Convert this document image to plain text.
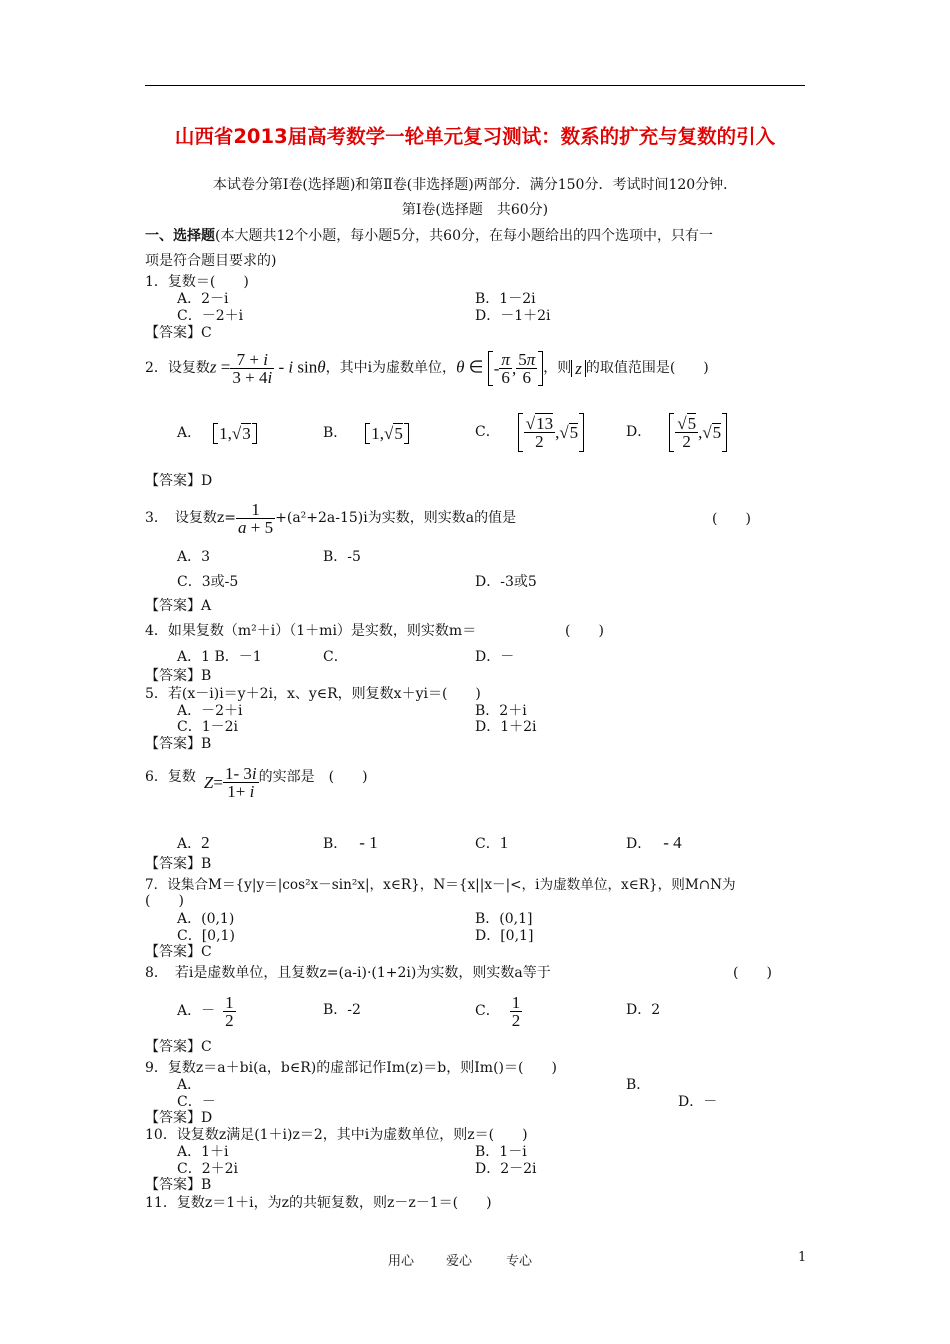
山西省2013届高考数学一轮单元复习测试：数系的扩充与复数的引入
本试卷分第Ⅰ卷(选择题)和第Ⅱ卷(非选择题)两部分．满分150分．考试时间120分钟．
第Ⅰ卷(选择题　共60分)
一、选择题(本大题共12个小题，每小题5分，共60分，在每小题给出的四个选项中，只有一
项是符合题目要求的)
1．复数＝(　　)
A．2－i	B．1－2i
C．－2＋i	D．－1＋2i
【答案】C
2．设复数 $z = \frac{7 + i}{3 + 4i} - i$ sinθ ，其中i为虚数单位， θ ∈ - $\frac{\pi}{6}$ , $\frac{5\pi}{6}$ ，则 z 的取值范围是(　　)
A．	1,√3	B．	1,√5	C． $\frac{√13}{2}$ ,√ 5	D． $\frac{√5}{2}$ ,√ 5
【答案】D
3．　设复数 $z= \frac{1}{a + 5} +(a^2+2a-15)$ i为实数，则实数a的值是	(　　)
A．3	B．-5
C．3或-5	D．-3或5
【答案】A
4．如果复数（m²＋i）（1＋mi）是实数，则实数m＝	(　　)
A．1 B．－1	C．	D．－
【答案】B
5．若(x－i)i＝y＋2i，x、y∈R，则复数x＋yi＝(　　)
A．－2＋i	B．2＋i
C．1－2i	D．1＋2i
【答案】B
6．复数 $Z = \frac{1- 3i}{1+ i}$ 的实部是　(　　)
A．2	B． - 1	C．1	D． - 4
【答案】B
7．设集合M＝{y|y＝|cos²x－sin²x|，x∈R}，N＝{x||x－|<，i为虚数单位，x∈R}，则M∩N为
(　　)
A．(0,1)	B．(0,1]
C．[0,1)	D．[0,1]
【答案】C
8．　若i是虚数单位，且复数z=(a-i)·(1+2i)为实数，则实数a等于	(　　)
A．－ $\frac{1}{2}$	B．-2	C． $\frac{1}{2}$	D．2
【答案】C
9．复数z＝a＋bi(a，b∈R)的虚部记作Im(z)＝b，则Im()＝(　　)
A．	B．
C．－	D．－
【答案】D
10．设复数z满足(1＋i)z＝2，其中i为虚数单位，则z＝(　　)
A．1＋i	B．1－i
C．2＋2i	D．2－2i
【答案】B
11．复数z＝1＋i，为z的共轭复数，则z－z－1＝(　　)
用心 爱心	专心	1
